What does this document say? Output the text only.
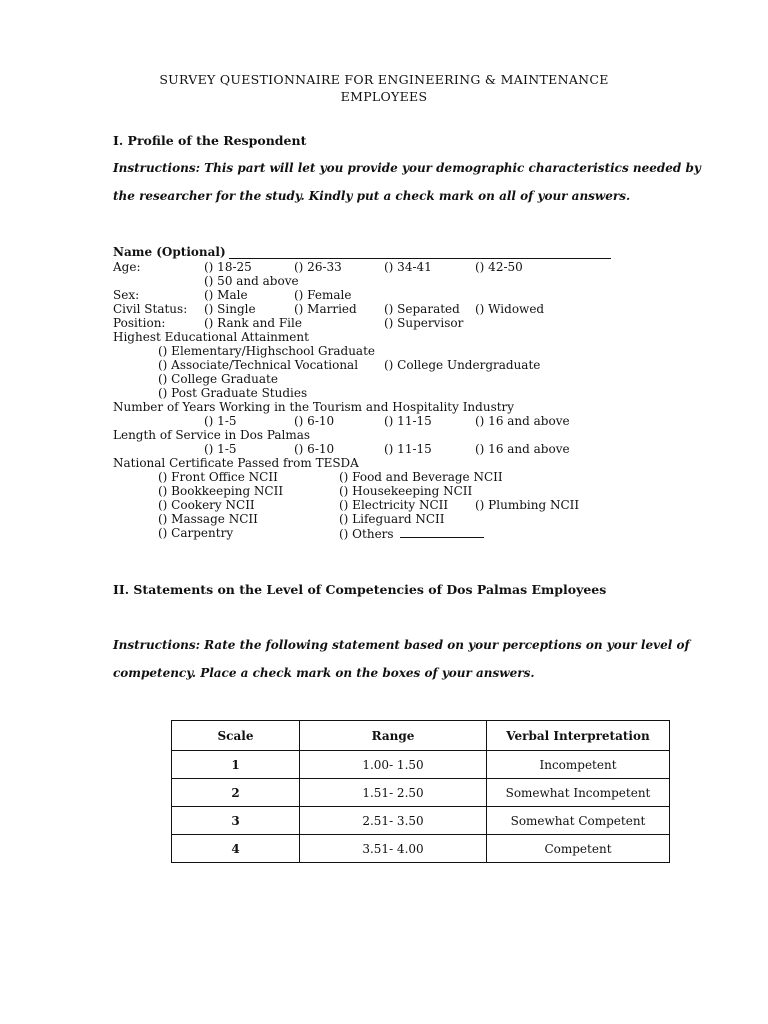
SURVEY QUESTIONNAIRE FOR ENGINEERING & MAINTENANCE
EMPLOYEES
I. Profile of the Respondent
Instructions: This part will let you provide your demographic characteristics needed by
the researcher for the study. Kindly put a check mark on all of your answers.
Name (Optional)
Age:	() 18-25	() 26-33	() 34-41	() 42-50
() 50 and above
Sex:	() Male	() Female
Civil Status: () Single	() Married () Separated () Widowed
Position:	() Rank and File	() Supervisor
Highest Educational Attainment
() Elementary/Highschool Graduate
() Associate/Technical Vocational () College Undergraduate
() College Graduate
() Post Graduate Studies
Number of Years Working in the Tourism and Hospitality Industry
() 1-5	() 6-10	() 11-15	() 16 and above
Length of Service in Dos Palmas
() 1-5	() 6-10	() 11-15	() 16 and above
National Certificate Passed from TESDA
() Front Office NCII	() Food and Beverage NCII
() Bookkeeping NCII	() Housekeeping NCII
() Cookery NCII	() Electricity NCII () Plumbing NCII
() Massage NCII	() Lifeguard NCII
() Carpentry	() Others
II. Statements on the Level of Competencies of Dos Palmas Employees
Instructions: Rate the following statement based on your perceptions on your level of
competency. Place a check mark on the boxes of your answers.
Scale	Range	Verbal Interpretation
1	1.00- 1.50	Incompetent
2	1.51- 2.50	Somewhat Incompetent
3	2.51- 3.50	Somewhat Competent
4	3.51- 4.00	Competent
